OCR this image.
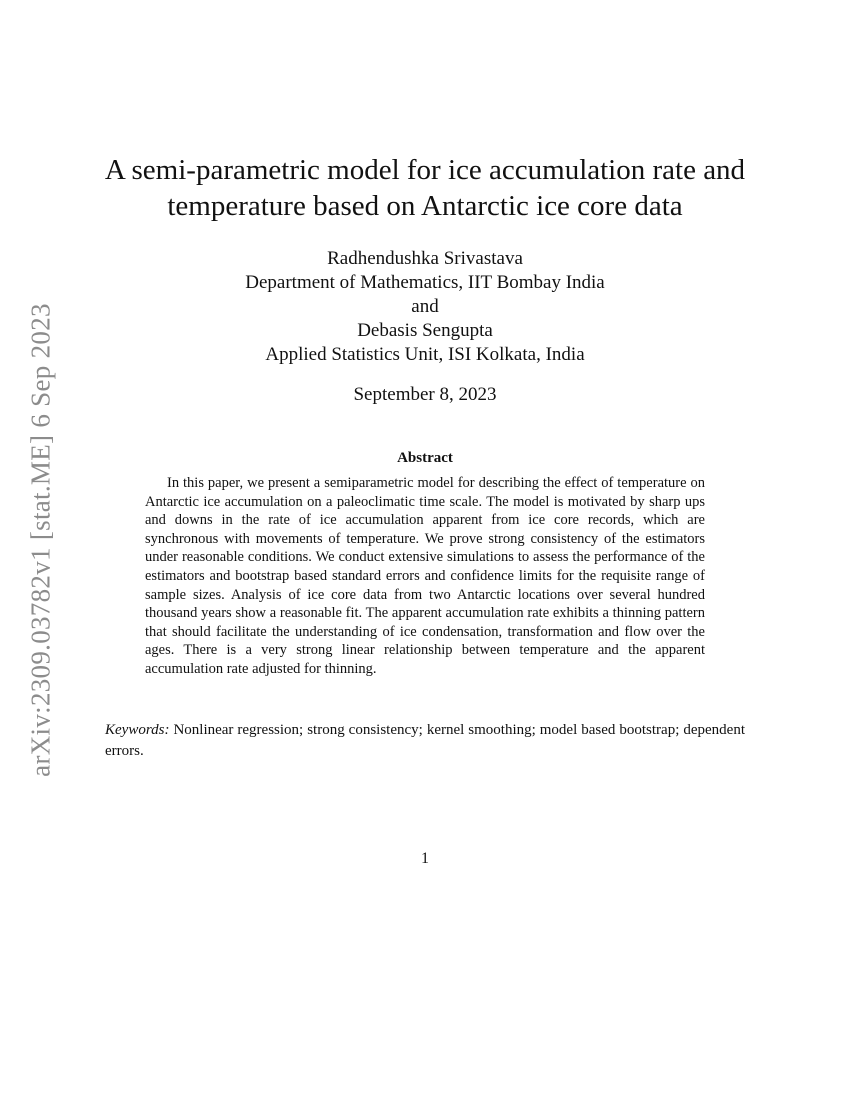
arXiv:2309.03782v1 [stat.ME] 6 Sep 2023
A semi-parametric model for ice accumulation rate and
temperature based on Antarctic ice core data
Radhendushka Srivastava
Department of Mathematics, IIT Bombay India
and
Debasis Sengupta
Applied Statistics Unit, ISI Kolkata, India
September 8, 2023
Abstract

In this paper, we present a semiparametric model for describing the effect of temperature on Antarctic ice accumulation on a paleoclimatic time scale. The model is motivated by sharp ups and downs in the rate of ice accumulation apparent from ice core records, which are synchronous with movements of temperature. We prove strong consistency of the estimators under reasonable conditions. We conduct extensive simulations to assess the performance of the estimators and bootstrap based standard errors and confidence limits for the requisite range of sample sizes. Analysis of ice core data from two Antarctic locations over several hundred thousand years show a reasonable fit. The apparent accumulation rate exhibits a thinning pattern that should facilitate the understanding of ice condensation, transformation and flow over the ages. There is a very strong linear relationship between temperature and the apparent accumulation rate adjusted for thinning.

Keywords: Nonlinear regression; strong consistency; kernel smoothing; model based bootstrap; dependent errors.

1
